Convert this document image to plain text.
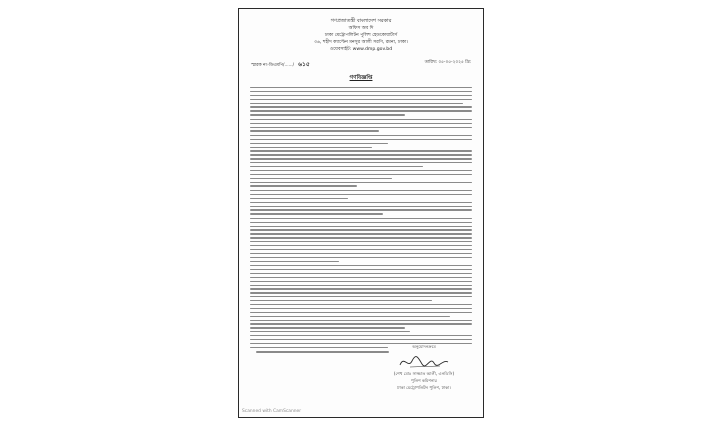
গণপ্রজাতন্ত্রী বাংলাদেশ সরকার
অফিস অব দি
ঢাকা মেট্রোপলিটন পুলিশ হেডকোয়ার্টার্স
৩৬, শহীদ ক্যাপ্টেন মনসুর আলী সরণি, রমনা, ঢাকা।
ওয়েবসাইট: www.dmp.gov.bd
স্মারক নং-ডিএমপি/....../ ৬১৫	তারিখ: ০৫-০৫-২০২৫ খ্রি:
গণবিজ্ঞপ্তি
অনুমোদনক্রমে
(শেখ মোঃ সাজ্জাত আলী, এনডিসি)
পুলিশ কমিশনার
ঢাকা মেট্রোপলিটন পুলিশ, ঢাকা।
Scanned with CamScanner
